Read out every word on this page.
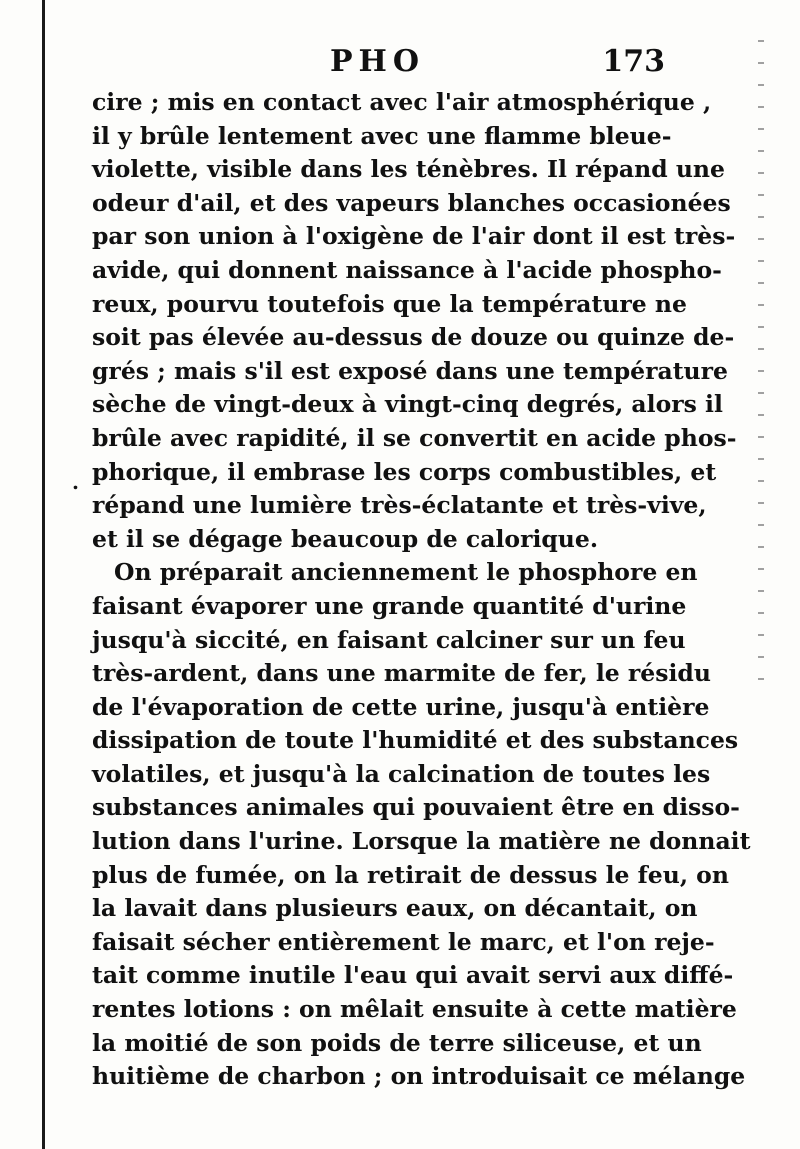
PHO	173
.
cire ; mis en contact avec l'air atmosphérique ,
il y brûle lentement avec une flamme bleue-
violette, visible dans les ténèbres. Il répand une
odeur d'ail, et des vapeurs blanches occasionées
par son union à l'oxigène de l'air dont il est très-
avide, qui donnent naissance à l'acide phospho-
reux, pourvu toutefois que la température ne
soit pas élevée au-dessus de douze ou quinze de-
grés ; mais s'il est exposé dans une température
sèche de vingt-deux à vingt-cinq degrés, alors il
brûle avec rapidité, il se convertit en acide phos-
phorique, il embrase les corps combustibles, et
répand une lumière très-éclatante et très-vive,
et il se dégage beaucoup de calorique.
On préparait anciennement le phosphore en
faisant évaporer une grande quantité d'urine
jusqu'à siccité, en faisant calciner sur un feu
très-ardent, dans une marmite de fer, le résidu
de l'évaporation de cette urine, jusqu'à entière
dissipation de toute l'humidité et des substances
volatiles, et jusqu'à la calcination de toutes les
substances animales qui pouvaient être en disso-
lution dans l'urine. Lorsque la matière ne donnait
plus de fumée, on la retirait de dessus le feu, on
la lavait dans plusieurs eaux, on décantait, on
faisait sécher entièrement le marc, et l'on reje-
tait comme inutile l'eau qui avait servi aux diffé-
rentes lotions : on mêlait ensuite à cette matière
la moitié de son poids de terre siliceuse, et un
huitième de charbon ; on introduisait ce mélange
